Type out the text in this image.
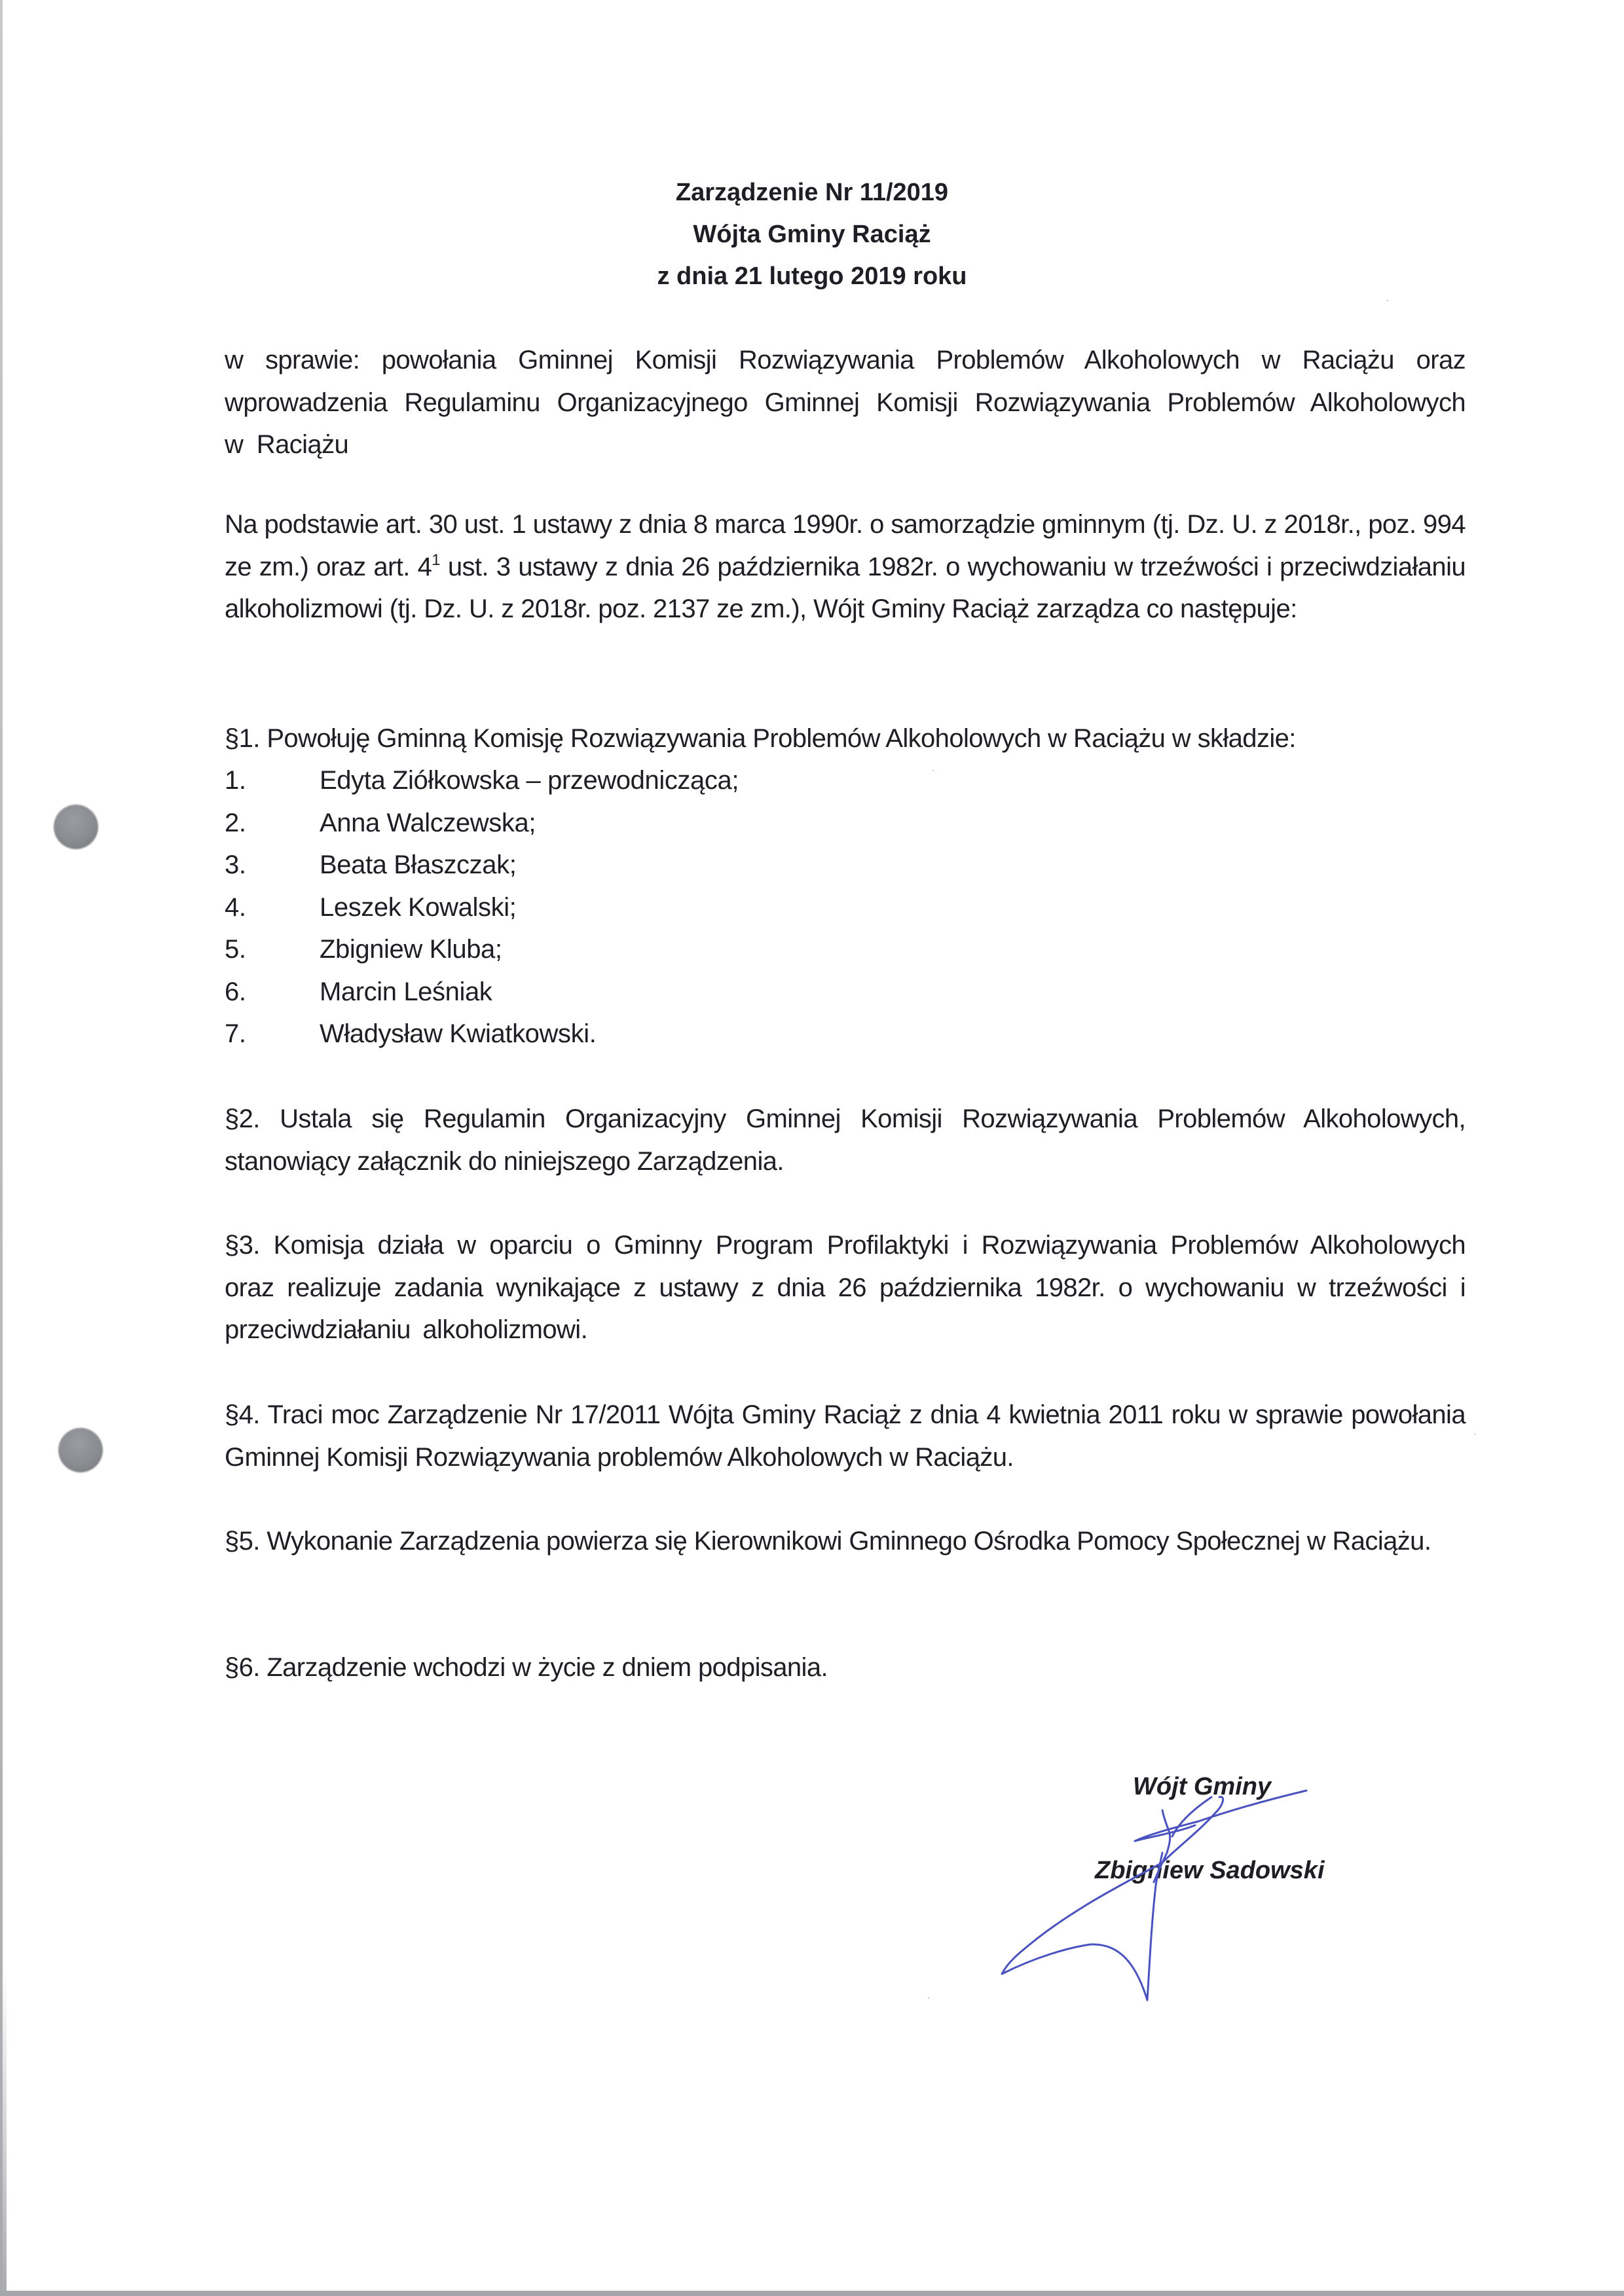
Zarządzenie Nr 11/2019
Wójta Gminy Raciąż
z dnia 21 lutego 2019 roku
w sprawie: powołania Gminnej Komisji Rozwiązywania Problemów Alkoholowych w Raciążu oraz wprowadzenia Regulaminu Organizacyjnego Gminnej Komisji Rozwiązywania Problemów Alkoholowych w Raciążu
Na podstawie art. 30 ust. 1 ustawy z dnia 8 marca 1990r. o samorządzie gminnym (tj. Dz. U. z 2018r., poz. 994 ze zm.) oraz art. $4^1$ ust. 3 ustawy z dnia 26 października 1982r. o wychowaniu w trzeźwości i przeciwdziałaniu alkoholizmowi (tj. Dz. U. z 2018r. poz. 2137 ze zm.), Wójt Gminy Raciąż zarządza co następuje:
§1. Powołuję Gminną Komisję Rozwiązywania Problemów Alkoholowych w Raciążu w składzie:
1.	Edyta Ziółkowska – przewodnicząca;
2.	Anna Walczewska;
3.	Beata Błaszczak;
4.	Leszek Kowalski;
5.	Zbigniew Kluba;
6.	Marcin Leśniak
7.	Władysław Kwiatkowski.
§2. Ustala się Regulamin Organizacyjny Gminnej Komisji Rozwiązywania Problemów Alkoholowych, stanowiący załącznik do niniejszego Zarządzenia.
§3. Komisja działa w oparciu o Gminny Program Profilaktyki i Rozwiązywania Problemów Alkoholowych oraz realizuje zadania wynikające z ustawy z dnia 26 października 1982r. o wychowaniu w trzeźwości i przeciwdziałaniu alkoholizmowi.
§4. Traci moc Zarządzenie Nr 17/2011 Wójta Gminy Raciąż z dnia 4 kwietnia 2011 roku w sprawie powołania Gminnej Komisji Rozwiązywania problemów Alkoholowych w Raciążu.
§5. Wykonanie Zarządzenia powierza się Kierownikowi Gminnego Ośrodka Pomocy Społecznej w Raciążu.
§6. Zarządzenie wchodzi w życie z dniem podpisania.
Wójt Gminy
Zbigniew Sadowski
